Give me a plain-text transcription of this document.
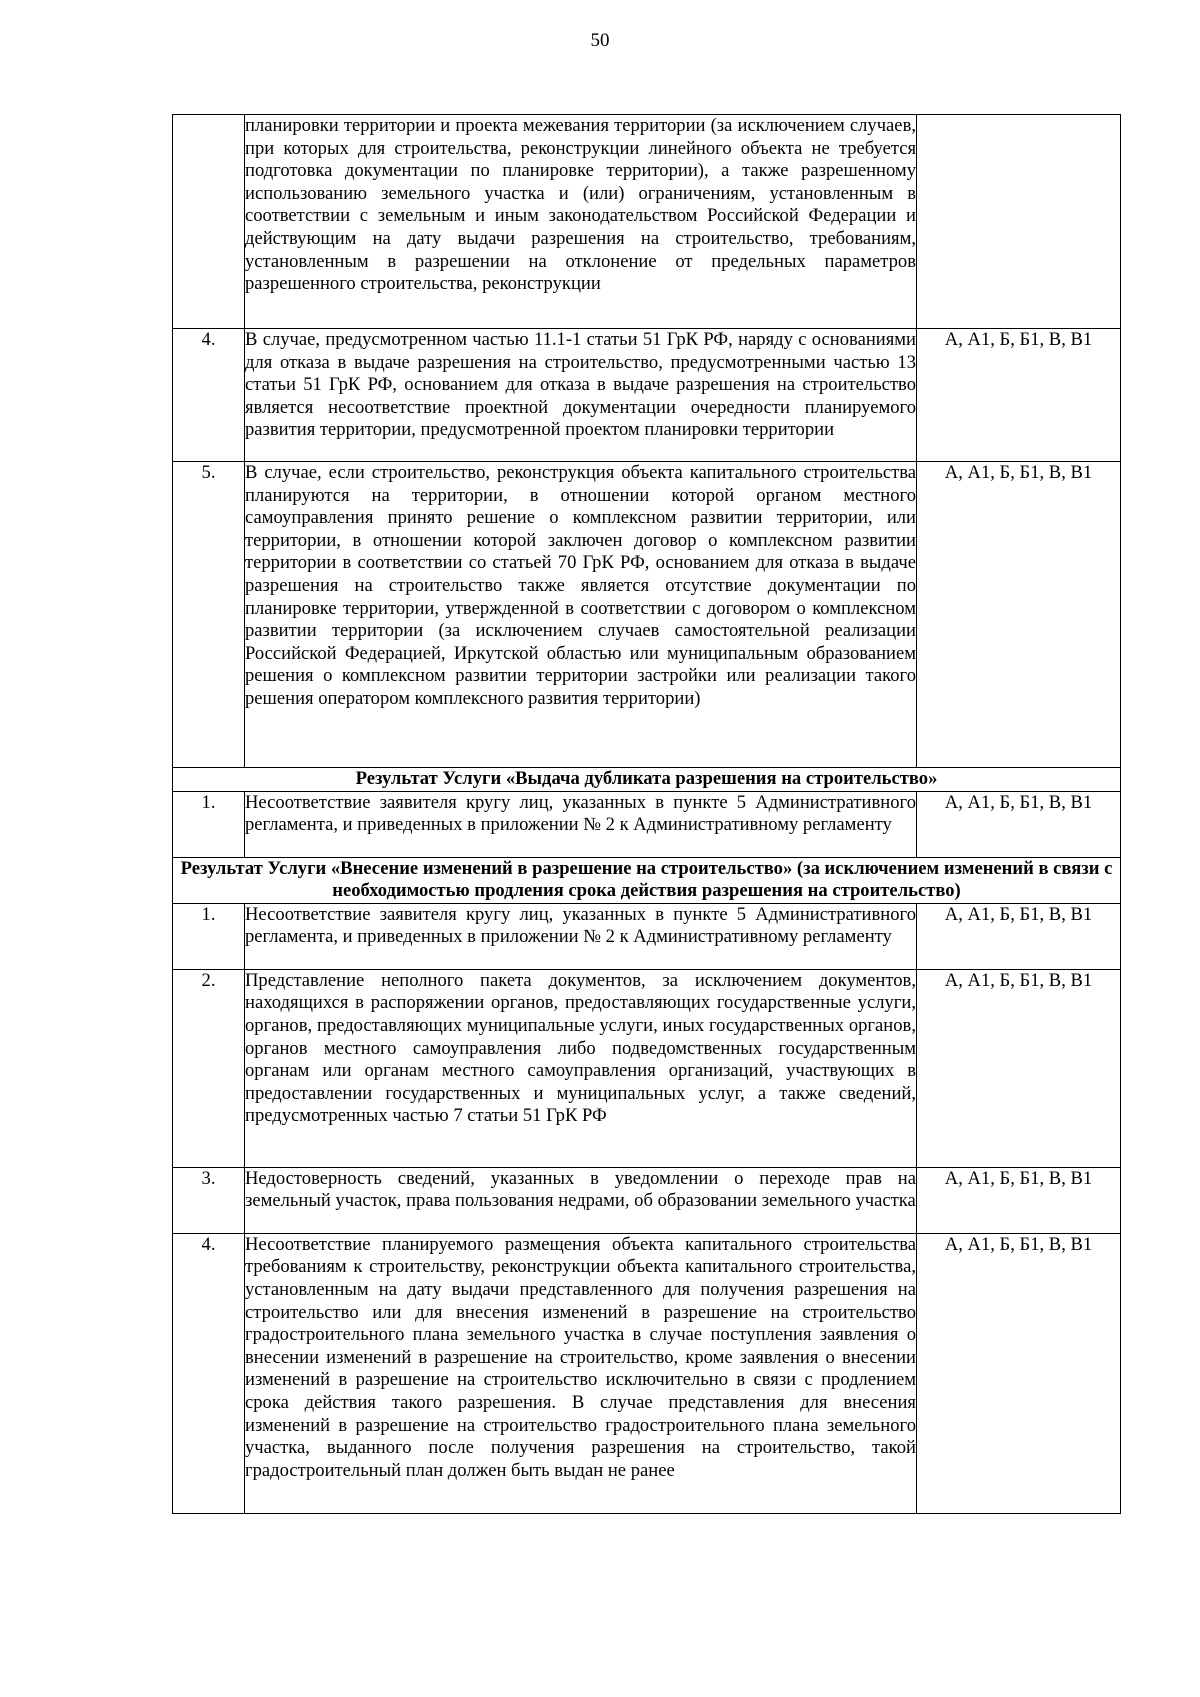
50
	планировки территории и проекта межевания территории (за исключением случаев, при которых для строительства, реконструкции линейного объекта не требуется подготовка документации по планировке территории), а также разрешенному использованию земельного участка и (или) ограничениям, установленным в соответствии с земельным и иным законодательством Российской Федерации и действующим на дату выдачи разрешения на строительство, требованиям, установленным в разрешении на отклонение от предельных параметров разрешенного строительства, реконструкции	
4.	В случае, предусмотренном частью 11.1-1 статьи 51 ГрК РФ, наряду с основаниями для отказа в выдаче разрешения на строительство, предусмотренными частью 13 статьи 51 ГрК РФ, основанием для отказа в выдаче разрешения на строительство является несоответствие проектной документации очередности планируемого развития территории, предусмотренной проектом планировки территории	А, А1, Б, Б1, В, В1
5.	В случае, если строительство, реконструкция объекта капитального строительства планируются на территории, в отношении которой органом местного самоуправления принято решение о комплексном развитии территории, или территории, в отношении которой заключен договор о комплексном развитии территории в соответствии со статьей 70 ГрК РФ, основанием для отказа в выдаче разрешения на строительство также является отсутствие документации по планировке территории, утвержденной в соответствии с договором о комплексном развитии территории (за исключением случаев самостоятельной реализации Российской Федерацией, Иркутской областью или муниципальным образованием решения о комплексном развитии территории застройки или реализации такого решения оператором комплексного развития территории)	А, А1, Б, Б1, В, В1
Результат Услуги «Выдача дубликата разрешения на строительство»		
1.	Несоответствие заявителя кругу лиц, указанных в пункте 5 Административного регламента, и приведенных в приложении № 2 к Административному регламенту	А, А1, Б, Б1, В, В1
Результат Услуги «Внесение изменений в разрешение на строительство» (за исключением изменений в связи с необходимостью продления срока действия разрешения на строительство)		
1.	Несоответствие заявителя кругу лиц, указанных в пункте 5 Административного регламента, и приведенных в приложении № 2 к Административному регламенту	А, А1, Б, Б1, В, В1
2.	Представление неполного пакета документов, за исключением документов, находящихся в распоряжении органов, предоставляющих государственные услуги, органов, предоставляющих муниципальные услуги, иных государственных органов, органов местного самоуправления либо подведомственных государственным органам или органам местного самоуправления организаций, участвующих в предоставлении государственных и муниципальных услуг, а также сведений, предусмотренных частью 7 статьи 51 ГрК РФ	А, А1, Б, Б1, В, В1
3.	Недостоверность сведений, указанных в уведомлении о переходе прав на земельный участок, права пользования недрами, об образовании земельного участка	А, А1, Б, Б1, В, В1
4.	Несоответствие планируемого размещения объекта капитального строительства требованиям к строительству, реконструкции объекта капитального строительства, установленным на дату выдачи представленного для получения разрешения на строительство или для внесения изменений в разрешение на строительство градостроительного плана земельного участка в случае поступления заявления о внесении изменений в разрешение на строительство, кроме заявления о внесении изменений в разрешение на строительство исключительно в связи с продлением срока действия такого разрешения. В случае представления для внесения изменений в разрешение на строительство градостроительного плана земельного участка, выданного после получения разрешения на строительство, такой градостроительный план должен быть выдан не ранее	А, А1, Б, Б1, В, В1
